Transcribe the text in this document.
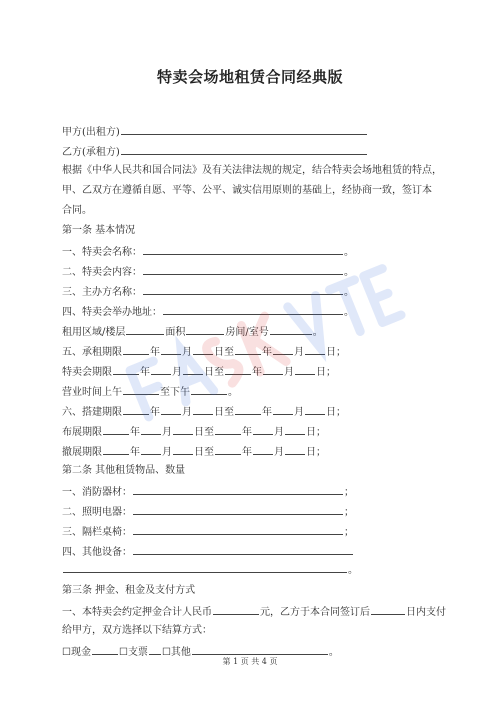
特卖会场地租赁合同经典版
甲方(出租方)
乙方(承租方)
根据《中华人民共和国合同法》及有关法律法规的规定，结合特卖会场地租赁的特点，
甲、乙双方在遵循自愿、平等、公平、诚实信用原则的基础上，经协商一致，签订本
合同。
第一条 基本情况
一、特卖会名称：	。
二、特卖会内容：	。
三、主办方名称：	。
四、特卖会举办地址：	。
租用区域/楼层	面积	房间/室号	。
五、承租期限	年 月 日至	年 月 日；
特卖会期限	年 月 日至	年 月 日；
营业时间上午	至下午	。
六、搭建期限	年 月 日至	年 月 日；
布展期限	年 月 日至	年 月 日；
撤展期限	年 月 日至	年 月 日；
第二条 其他租赁物品、数量
一、消防器材：	；
二、照明电器：	；
三、隔栏桌椅：	；
四、其他设备：
。
第三条 押金、租金及支付方式
一、本特卖会约定押金合计人民币	元，乙方于本合同签订后	日内支付
给甲方，双方选择以下结算方式：
☐现金	☐支票 ☐其他	。
第 1 页 共 4 页
